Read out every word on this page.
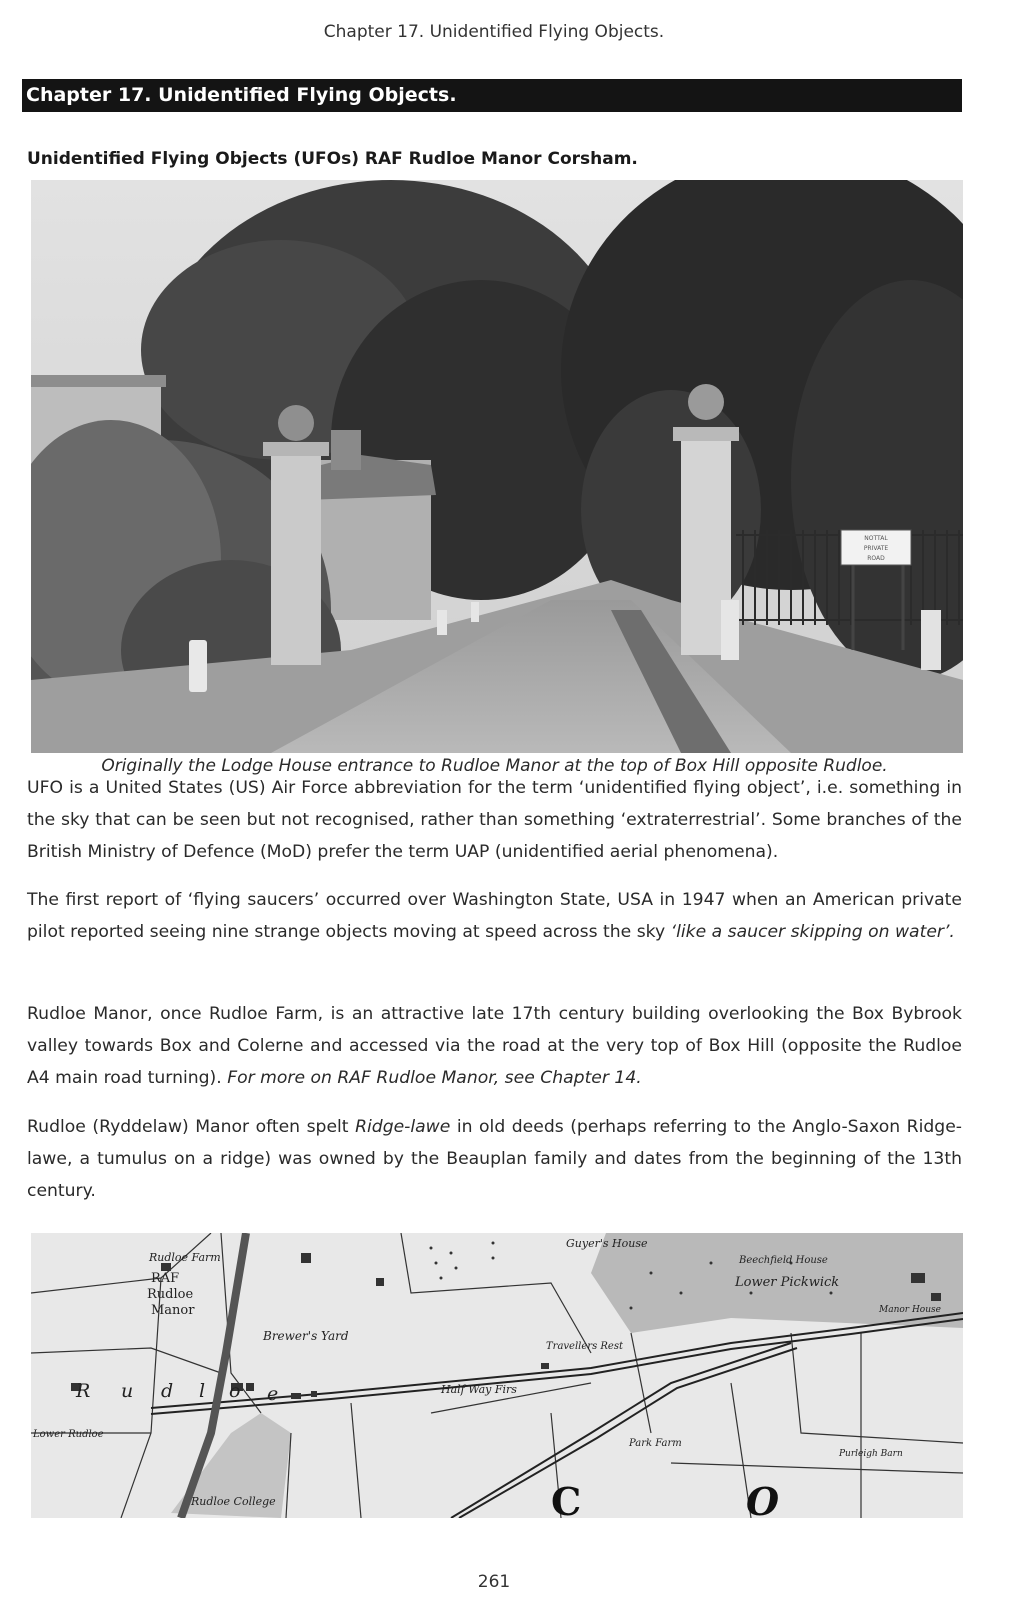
Chapter 17. Unidentified Flying Objects.
Chapter 17. Unidentified Flying Objects.
Unidentified Flying Objects (UFOs) RAF Rudloe Manor Corsham.
NOTTAL
PRIVATE
ROAD
Originally the Lodge House entrance to Rudloe Manor at the top of Box Hill opposite Rudloe.

UFO is a United States (US) Air Force abbreviation for the term ‘unidentified flying object’, i.e. something in the sky that can be seen but not recognised, rather than something ‘extraterrestrial’. Some branches of the British Ministry of Defence (MoD) prefer the term UAP (unidentified aerial phenomena).

The first report of ‘flying saucers’ occurred over Washington State, USA in 1947 when an American private pilot reported seeing nine strange objects moving at speed across the sky ‘like a saucer skipping on water’.

Rudloe Manor, once Rudloe Farm, is an attractive late 17th century building overlooking the Box Bybrook valley towards Box and Colerne and accessed via the road at the very top of Box Hill (opposite the Rudloe A4 main road turning). For more on RAF Rudloe Manor, see Chapter 14.

Rudloe (Ryddelaw) Manor often spelt Ridge-lawe in old deeds (perhaps referring to the Anglo-Saxon Ridge-lawe, a tumulus on a ridge) was owned by the Beauplan family and dates from the beginning of the 13th century.

C	O
Rudloe Farm
RAF
Rudloe
Manor
Brewer's Yard
R u d l o e
Lower Rudloe
Rudloe College
Half Way Firs
Travellers Rest
Guyer's House
Beechfield House
Lower Pickwick
Manor House
Park Farm
Purleigh Barn
261
